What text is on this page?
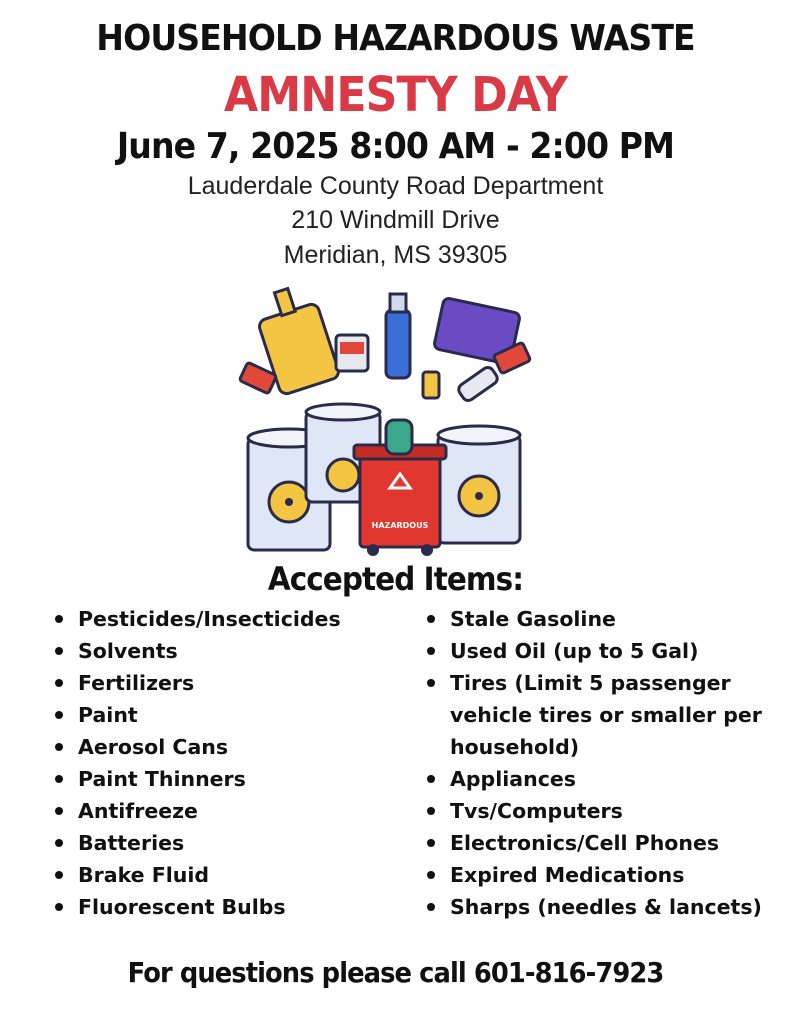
HOUSEHOLD HAZARDOUS WASTE
AMNESTY DAY
June 7, 2025 8:00 AM - 2:00 PM
Lauderdale County Road Department
210 Windmill Drive
Meridian, MS 39305
HAZARDOUS
Accepted Items:
Pesticides/Insecticides
Solvents
Fertilizers
Paint
Aerosol Cans
Paint Thinners
Antifreeze
Batteries
Brake Fluid
Fluorescent Bulbs
Stale Gasoline
Used Oil (up to 5 Gal)
Tires (Limit 5 passenger vehicle tires or smaller per household)
Appliances
Tvs/Computers
Electronics/Cell Phones
Expired Medications
Sharps (needles & lancets)
For questions please call 601-816-7923
